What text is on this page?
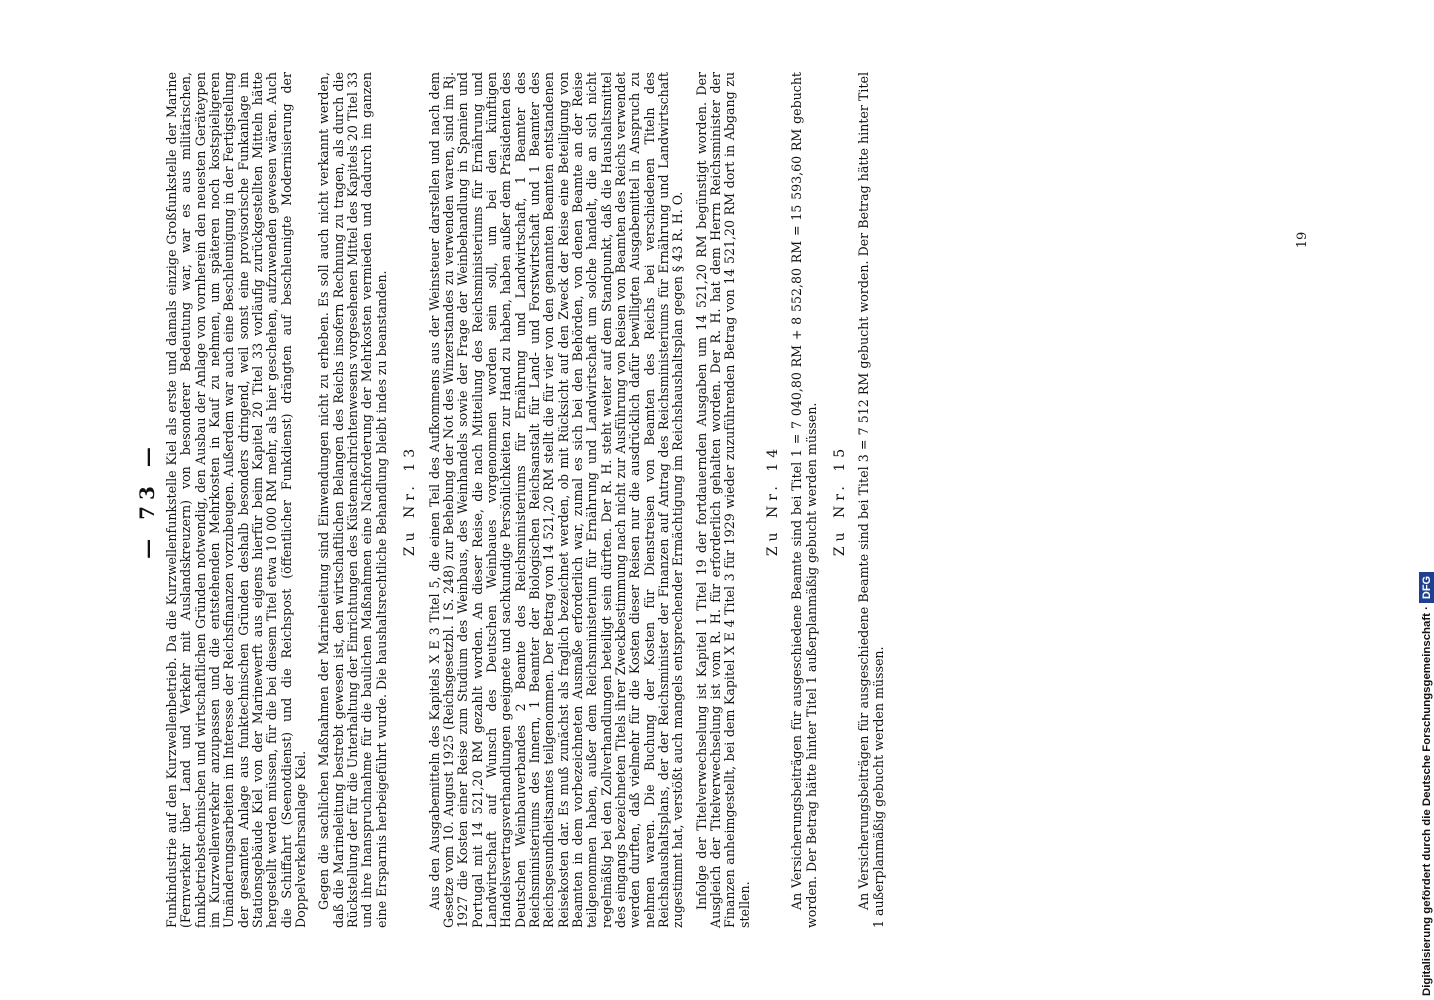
— 73 — Funkindustrie auf den Kurzwellenbetrieb. Da die Kurzwellenfunkstelle Kiel als erste und damals einzige Großfunkstelle der Marine (Fernverkehr über Land und Verkehr mit Auslandskreuzern) von besonderer Bedeutung war, war es aus militärischen, funkbetriebstechnischen und wirtschaftlichen Gründen notwendig, den Ausbau der Anlage von vornherein den neuesten Geräteypen im Kurzwellenverkehr anzupassen und die entstehenden Mehrkosten in Kauf zu nehmen, um späteren noch kostspieligeren Umänderungsarbeiten im Interesse der Reichsfinanzen vorzubeugen. Außerdem war auch eine Beschleunigung in der Fertigstellung der gesamten Anlage aus funktechnischen Gründen deshalb besonders dringend, weil sonst eine provisorische Funkanlage im Stationsgebäude Kiel von der Marinewerft aus eigens hierfür beim Kapitel 20 Titel 33 vorläufig zurückgestellten Mitteln hätte hergestellt werden müssen, für die bei diesem Titel etwa 10 000 RM mehr, als hier geschehen, aufzuwenden gewesen wären. Auch die Schiffahrt (Seenotdienst) und die Reichspost (öffentlicher Funkdienst) drängten auf beschleunigte Modernisierung der Doppelverkehrsanlage Kiel. Gegen die sachlichen Maßnahmen der Marineleitung sind Einwendungen nicht zu erheben. Es soll auch nicht verkannt werden, daß die Marineleitung bestrebt gewesen ist, den wirtschaftlichen Belangen des Reichs insofern Rechnung zu tragen, als durch die Rückstellung der für die Unterhaltung der Einrichtungen des Küstennachrichtenwesens vorgesehenen Mittel des Kapitels 20 Titel 33 und ihre Inanspruchnahme für die baulichen Maßnahmen eine Nachforderung der Mehrkosten vermieden und dadurch im ganzen eine Ersparnis herbeigeführt wurde. Die haushaltsrechtliche Behandlung bleibt indes zu beanstanden. Zu Nr. 13 Aus den Ausgabemitteln des Kapitels X E 3 Titel 5, die einen Teil des Aufkommens aus der Weinsteuer darstellen und nach dem Gesetze vom 10. August 1925 (Reichsgesetzbl. I S. 248) zur Behebung der Not des Winzerstandes zu verwenden waren, sind im Rj. 1927 die Kosten einer Reise zum Studium des Weinbaus, des Weinhandels sowie der Frage der Weinbehandlung in Spanien und Portugal mit 14 521,20 RM gezahlt worden. An dieser Reise, die nach Mitteilung des Reichsministeriums für Ernährung und Landwirtschaft auf Wunsch des Deutschen Weinbaues vorgenommen worden sein soll, um bei den künftigen Handelsvertragsverhandlungen geeignete und sachkundige Persönlichkeiten zur Hand zu haben, haben außer dem Präsidenten des Deutschen Weinbauverbandes 2 Beamte des Reichsministeriums für Ernährung und Landwirtschaft, 1 Beamter des Reichsministeriums des Innern, 1 Beamter der Biologischen Reichsanstalt für Land- und Forstwirtschaft und 1 Beamter des Reichsgesundheitsamtes teilgenommen. Der Betrag von 14 521,20 RM stellt die für vier von den genannten Beamten entstandenen Reisekosten dar. Es muß zunächst als fraglich bezeichnet werden, ob mit Rücksicht auf den Zweck der Reise eine Beteiligung von Beamten in dem vorbezeichneten Ausmaße erforderlich war, zumal es sich bei den Behörden, von denen Beamte an der Reise teilgenommen haben, außer dem Reichsministerium für Ernährung und Landwirtschaft um solche handelt, die an sich nicht regelmäßig bei den Zollverhandlungen beteiligt sein dürften. Der R. H. steht weiter auf dem Standpunkt, daß die Haushaltsmittel des eingangs bezeichneten Titels ihrer Zweckbestimmung nach nicht zur Ausführung von Reisen von Beamten des Reichs verwendet werden durften, daß vielmehr für die Kosten dieser Reisen nur die ausdrücklich dafür bewilligten Ausgabemittel in Anspruch zu nehmen waren. Die Buchung der Kosten für Dienstreisen von Beamten des Reichs bei verschiedenen Titeln des Reichshaushaltsplans, der der Reichsminister der Finanzen auf Antrag des Reichsministeriums für Ernährung und Landwirtschaft zugestimmt hat, verstößt auch mangels entsprechender Ermächtigung im Reichshaushaltsplan gegen § 43 R. H. O. Infolge der Titelverwechselung ist Kapitel 1 Titel 19 der fortdauernden Ausgaben um 14 521,20 RM begünstigt worden. Der Ausgleich der Titelverwechselung ist vom R. H. für erforderlich gehalten worden. Der R. H. hat dem Herrn Reichsminister der Finanzen anheimgestellt, bei dem Kapitel X E 4 Titel 3 für 1929 wieder zuzuführenden Betrag von 14 521,20 RM dort in Abgang zu stellen.

Zu Nr. 14 An Versicherungsbeiträgen für ausgeschiedene Beamte sind bei Titel 1 = 7 040,80 RM + 8 552,80 RM = 15 593,60 RM gebucht worden. Der Betrag hätte hinter Titel 1 außerplanmäßig gebucht werden müssen. Zu Nr. 15 An Versicherungsbeiträgen für ausgeschiedene Beamte sind bei Titel 3 = 7 512 RM gebucht worden. Der Betrag hätte hinter Titel 1 außerplanmäßig gebucht werden müssen.

19
Digitalisierung gefördert durch die Deutsche Forschungsgemeinschaft ·DFG
